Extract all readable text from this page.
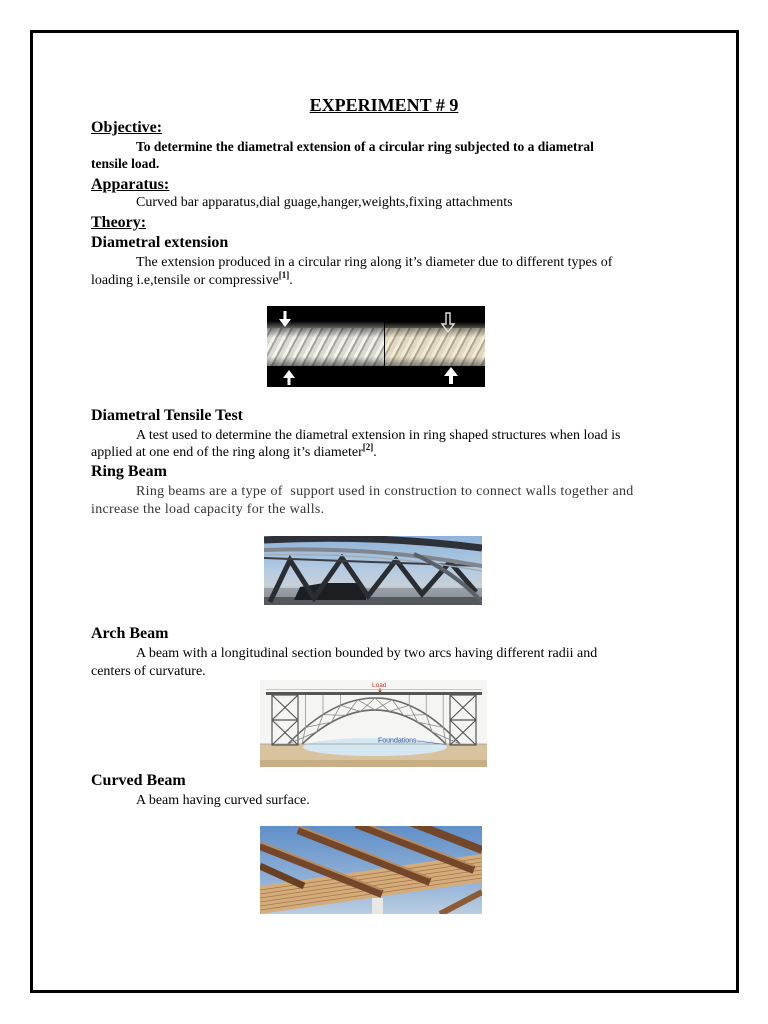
EXPERIMENT # 9
Objective:
To determine the diametral extension of a circular ring subjected to a diametral
tensile load.
Apparatus:
Curved bar apparatus,dial guage,hanger,weights,fixing attachments
Theory:
Diametral extension
The extension produced in a circular ring along it’s diameter due to different types of
loading i.e,tensile or compressive[1].
Diametral Tensile Test
A test used to determine the diametral extension in ring shaped structures when load is
applied at one end of the ring along it’s diameter[2].
Ring Beam
Ring beams are a type of  support used in construction to connect walls together and
increase the load capacity for the walls.
Arch Beam
A beam with a longitudinal section bounded by two arcs having different radii and
centers of curvature.
Load
Foundations
Curved Beam
A beam having curved surface.
